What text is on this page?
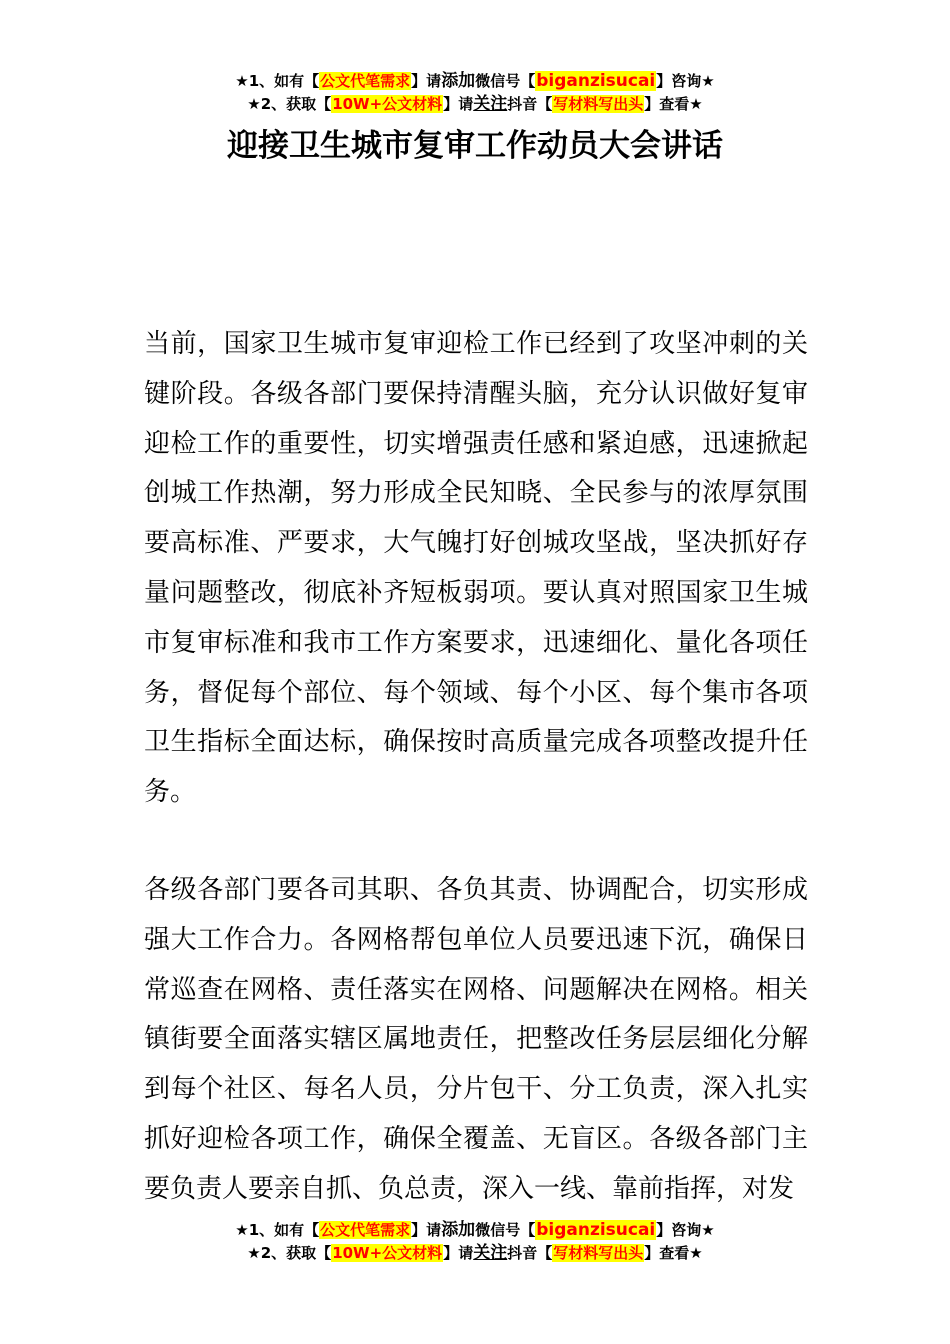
★1、如有【公文代笔需求】请添加微信号【biganzisucai】咨询★
★2、获取【10W+公文材料】请关注抖音【写材料写出头】查看★
迎接卫生城市复审工作动员大会讲话

当前，国家卫生城市复审迎检工作已经到了攻坚冲刺的关键阶段。各级各部门要保持清醒头脑，充分认识做好复审迎检工作的重要性，切实增强责任感和紧迫感，迅速掀起创城工作热潮，努力形成全民知晓、全民参与的浓厚氛围要高标准、严要求，大气魄打好创城攻坚战，坚决抓好存量问题整改，彻底补齐短板弱项。要认真对照国家卫生城市复审标准和我市工作方案要求，迅速细化、量化各项任务，督促每个部位、每个领域、每个小区、每个集市各项卫生指标全面达标，确保按时高质量完成各项整改提升任务。

各级各部门要各司其职、各负其责、协调配合，切实形成强大工作合力。各网格帮包单位人员要迅速下沉，确保日常巡查在网格、责任落实在网格、问题解决在网格。相关镇街要全面落实辖区属地责任，把整改任务层层细化分解到每个社区、每名人员，分片包干、分工负责，深入扎实抓好迎检各项工作，确保全覆盖、无盲区。各级各部门主要负责人要亲自抓、负总责，深入一线、靠前指挥，对发

★1、如有【公文代笔需求】请添加微信号【biganzisucai】咨询★
★2、获取【10W+公文材料】请关注抖音【写材料写出头】查看★
